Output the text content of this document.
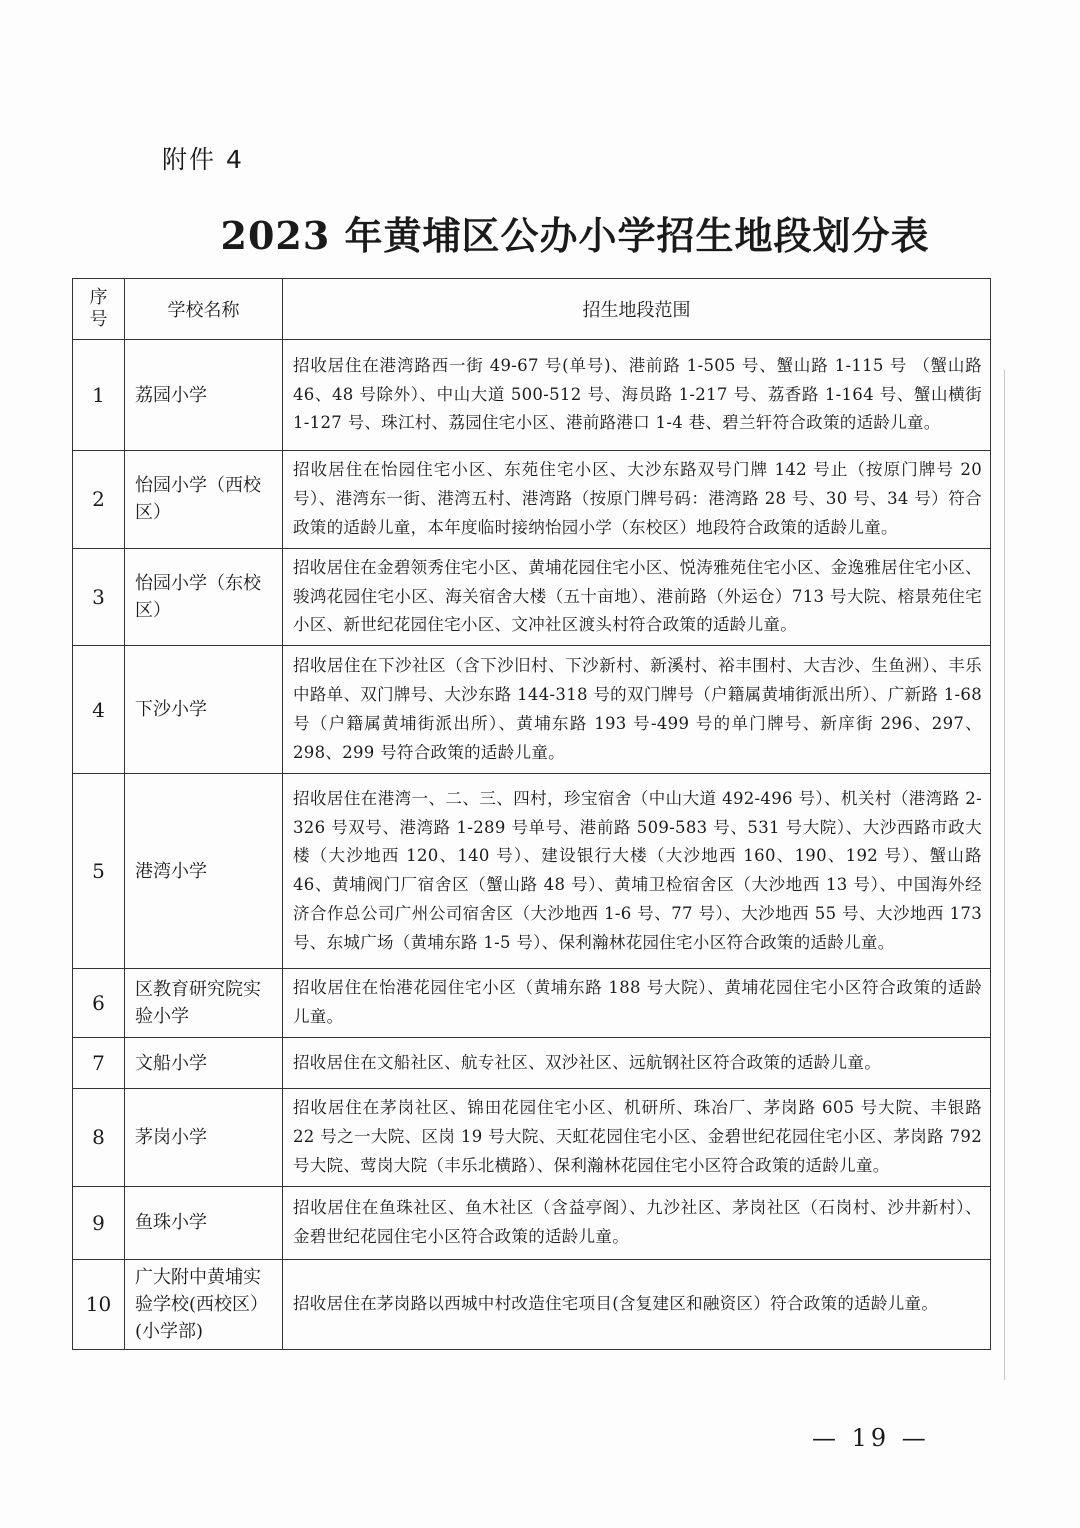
附件 4
2023 年黄埔区公办小学招生地段划分表
序
号	学校名称	招生地段范围
1	荔园小学	招收居住在港湾路西一街 49-67 号(单号)、港前路 1-505 号、蟹山路 1-115 号 （蟹山路 46、48 号除外）、中山大道 500-512 号、海员路 1-217 号、荔香路 1-164 号、蟹山横街 1-127 号、珠江村、荔园住宅小区、港前路港口 1-4 巷、碧兰轩符合政策的适龄儿童。
2	怡园小学（西校区）	招收居住在怡园住宅小区、东苑住宅小区、大沙东路双号门牌 142 号止（按原门牌号 20 号）、港湾东一街、港湾五村、港湾路（按原门牌号码：港湾路 28 号、30 号、34 号）符合政策的适龄儿童，本年度临时接纳怡园小学（东校区）地段符合政策的适龄儿童。
3	怡园小学（东校区）	招收居住在金碧领秀住宅小区、黄埔花园住宅小区、悦涛雅苑住宅小区、金逸雅居住宅小区、骏鸿花园住宅小区、海关宿舍大楼（五十亩地）、港前路（外运仓）713 号大院、榕景苑住宅小区、新世纪花园住宅小区、文冲社区渡头村符合政策的适龄儿童。
4	下沙小学	招收居住在下沙社区（含下沙旧村、下沙新村、新溪村、裕丰围村、大吉沙、生鱼洲）、丰乐中路单、双门牌号、大沙东路 144-318 号的双门牌号（户籍属黄埔街派出所）、广新路 1-68 号（户籍属黄埔街派出所）、黄埔东路 193 号-499 号的单门牌号、新庠街 296、297、298、299 号符合政策的适龄儿童。
5	港湾小学	招收居住在港湾一、二、三、四村，珍宝宿舍（中山大道 492-496 号）、机关村（港湾路 2-326 号双号、港湾路 1-289 号单号、港前路 509-583 号、531 号大院）、大沙西路市政大楼（大沙地西 120、140 号）、建设银行大楼（大沙地西 160、190、192 号）、蟹山路 46、黄埔阀门厂宿舍区（蟹山路 48 号）、黄埔卫检宿舍区（大沙地西 13 号）、中国海外经济合作总公司广州公司宿舍区（大沙地西 1-6 号、77 号）、大沙地西 55 号、大沙地西 173 号、东城广场（黄埔东路 1-5 号）、保利瀚林花园住宅小区符合政策的适龄儿童。
6	区教育研究院实验小学	招收居住在怡港花园住宅小区（黄埔东路 188 号大院）、黄埔花园住宅小区符合政策的适龄儿童。
7	文船小学	招收居住在文船社区、航专社区、双沙社区、远航钢社区符合政策的适龄儿童。
8	茅岗小学	招收居住在茅岗社区、锦田花园住宅小区、机研所、珠冶厂、茅岗路 605 号大院、丰银路 22 号之一大院、区岗 19 号大院、天虹花园住宅小区、金碧世纪花园住宅小区、茅岗路 792 号大院、莺岗大院（丰乐北横路）、保利瀚林花园住宅小区符合政策的适龄儿童。
9	鱼珠小学	招收居住在鱼珠社区、鱼木社区（含益亭阁）、九沙社区、茅岗社区（石岗村、沙井新村）、金碧世纪花园住宅小区符合政策的适龄儿童。
10	广大附中黄埔实验学校(西校区）(小学部)	招收居住在茅岗路以西城中村改造住宅项目(含复建区和融资区）符合政策的适龄儿童。
— 19 —
